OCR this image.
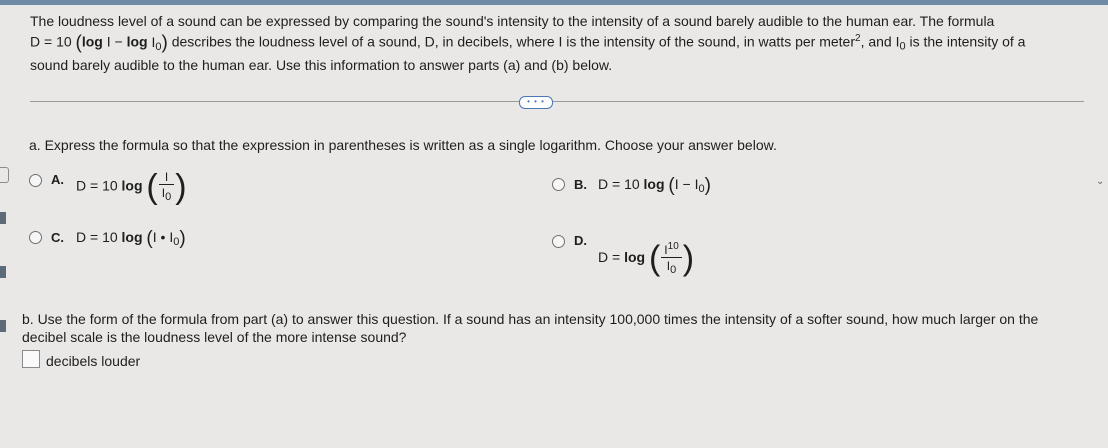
The loudness level of a sound can be expressed by comparing the sound's intensity to the intensity of a sound barely audible to the human ear. The formula
D = 10 (log $I - \log I_0$) describes the loudness level of a sound, D, in decibels, where I is the intensity of the sound, in watts per meter$^2$, and $I_0$ is the intensity of a
sound barely audible to the human ear. Use this information to answer parts (a) and (b) below.
• • •
⌄
a. Express the formula so that the expression in parentheses is written as a single logarithm. Choose your answer below.
A. D = 10 log ( $\frac{I}{I_0}$ )	B. D = 10 $\log (I - I_0)$
C. D = 10 log (I • $I_0$)	D.
D = log ( $\frac{I^{10}}{I_0}$ )
b. Use the form of the formula from part (a) to answer this question. If a sound has an intensity 100,000 times the intensity of a softer sound, how much larger on the decibel scale is the loudness level of the more intense sound?
decibels louder
